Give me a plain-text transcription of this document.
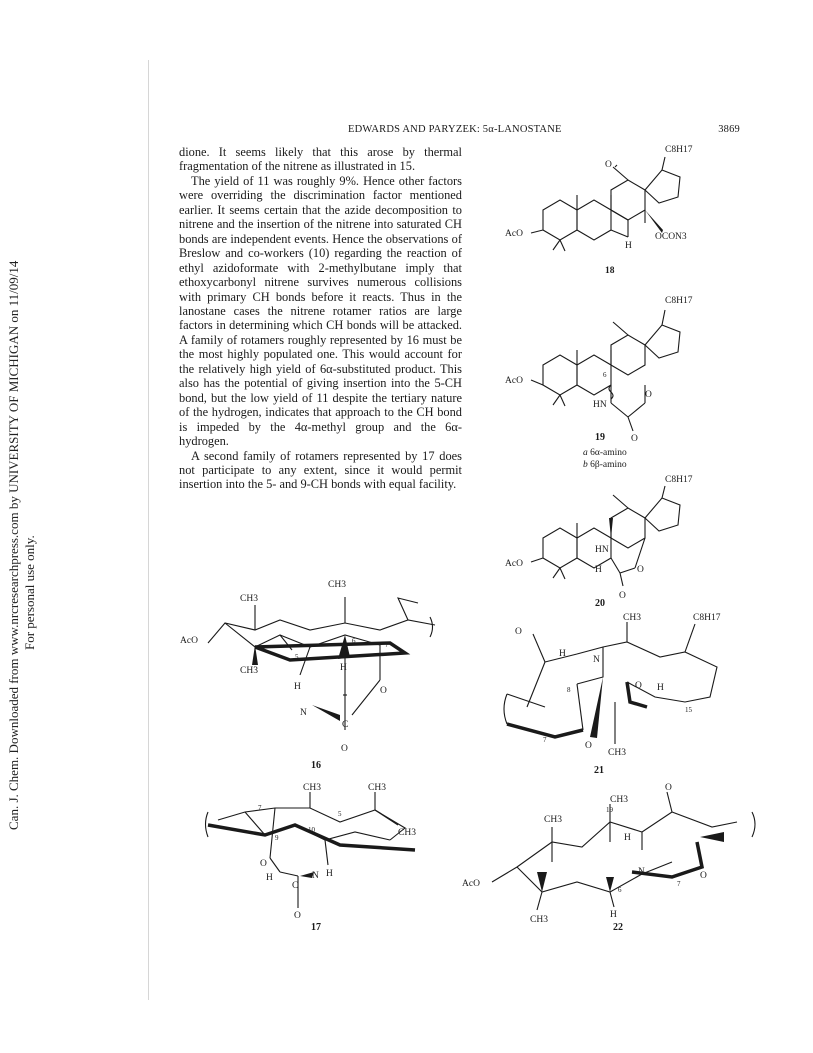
Can. J. Chem. Downloaded from www.nrcresearchpress.com by UNIVERSITY OF MICHIGAN on 11/09/14 For personal use only.
EDWARDS AND PARYZEK: 5α-LANOSTANE	3869

dione. It seems likely that this arose by thermal fragmentation of the nitrene as illustrated in 15.

The yield of 11 was roughly 9%. Hence other factors were overriding the discrimination factor mentioned earlier. It seems certain that the azide decomposition to nitrene and the insertion of the nitrene into saturated CH bonds are independent events. Hence the observations of Breslow and co-workers (10) regarding the reaction of ethyl azidoformate with 2-methylbutane imply that ethoxycarbonyl nitrene survives numerous collisions with primary CH bonds before it reacts. Thus in the lanostane cases the nitrene rotamer ratios are large factors in determining which CH bonds will be attacked. A family of rotamers roughly represented by 16 must be the most highly populated one. This would account for the relatively high yield of 6α-substituted product. This also has the potential of giving insertion into the 5-CH bond, but the low yield of 11 despite the tertiary nature of the hydrogen, indicates that approach to the CH bond is impeded by the 4α-methyl group and the 6α-hydrogen.

A second family of rotamers represented by 17 does not participate to any extent, since it would permit insertion into the 5- and 9-CH bonds with equal facility.

C8H17
O
AcO	OCON3
H
18
C8H17
AcO
6
O
HN
O
19
a 6α-amino
b 6β-amino
C8H17
AcO
HN
H	O
O
20
AcO
CH3
CH3
CH3
5
6	7
H
H	O
N
C
O
16
O
CH3	C8H17
H
N
O H
8
15
7
O
CH3
21
CH3	CH3
CH3
7
9
10
5
O
H
C
N H
O
17
AcO
CH3
CH3
19
O
H
N
6
7
O
CH3	H
22
